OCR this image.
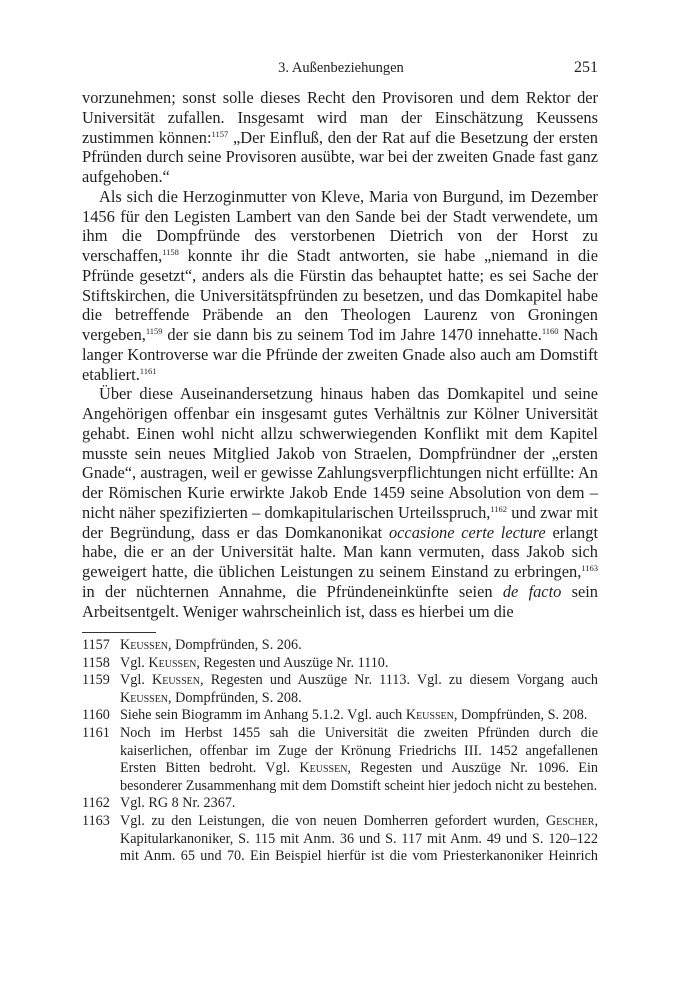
3. Außenbeziehungen	251

vorzunehmen; sonst solle dieses Recht den Provisoren und dem Rektor der Universität zufallen. Insgesamt wird man der Einschätzung Keussens zustimmen können:$^{1157}$ „Der Einfluß, den der Rat auf die Besetzung der ersten Pfründen durch seine Provisoren ausübte, war bei der zweiten Gnade fast ganz aufgehoben.“

Als sich die Herzoginmutter von Kleve, Maria von Burgund, im Dezember 1456 für den Legisten Lambert van den Sande bei der Stadt verwendete, um ihm die Dompfründe des verstorbenen Dietrich von der Horst zu verschaffen,$^{1158}$ konnte ihr die Stadt antworten, sie habe „niemand in die Pfründe gesetzt“, anders als die Fürstin das behauptet hatte; es sei Sache der Stiftskirchen, die Universitätspfründen zu besetzen, und das Domkapitel habe die betreffende Präbende an den Theologen Laurenz von Groningen vergeben,$^{1159}$ der sie dann bis zu seinem Tod im Jahre 1470 innehatte.$^{1160}$ Nach langer Kontroverse war die Pfründe der zweiten Gnade also auch am Domstift etabliert.$^{1161}$

Über diese Auseinandersetzung hinaus haben das Domkapitel und seine Angehörigen offenbar ein insgesamt gutes Verhältnis zur Kölner Universität gehabt. Einen wohl nicht allzu schwerwiegenden Konflikt mit dem Kapitel musste sein neues Mitglied Jakob von Straelen, Dompfründner der „ersten Gnade“, austragen, weil er gewisse Zahlungsverpflichtungen nicht erfüllte: An der Römischen Kurie erwirkte Jakob Ende 1459 seine Absolution von dem – nicht näher spezifizierten – domkapitularischen Urteilsspruch,$^{1162}$ und zwar mit der Begründung, dass er das Domkanonikat occasione certe lecture erlangt habe, die er an der Universität halte. Man kann vermuten, dass Jakob sich geweigert hatte, die üblichen Leistungen zu seinem Einstand zu erbringen,$^{1163}$ in der nüchternen Annahme, die Pfründeneinkünfte seien de facto sein Arbeitsentgelt. Weniger wahrscheinlich ist, dass es hierbei um die

1157 Keussen, Dompfründen, S. 206.
1158 Vgl. Keussen, Regesten und Auszüge Nr. 1110.
1159 Vgl. Keussen, Regesten und Auszüge Nr. 1113. Vgl. zu diesem Vorgang auch Keussen, Dompfründen, S. 208.
1160 Siehe sein Biogramm im Anhang 5.1.2. Vgl. auch Keussen, Dompfründen, S. 208.
1161 Noch im Herbst 1455 sah die Universität die zweiten Pfründen durch die kaiserlichen, offenbar im Zuge der Krönung Friedrichs III. 1452 angefallenen Ersten Bitten bedroht. Vgl. Keussen, Regesten und Auszüge Nr. 1096. Ein besonderer Zusammenhang mit dem Domstift scheint hier jedoch nicht zu bestehen.
1162 Vgl. RG 8 Nr. 2367.
1163 Vgl. zu den Leistungen, die von neuen Domherren gefordert wurden, Gescher, Kapitularkanoniker, S. 115 mit Anm. 36 und S. 117 mit Anm. 49 und S. 120–122 mit Anm. 65 und 70. Ein Beispiel hierfür ist die vom Priesterkanoniker Heinrich
